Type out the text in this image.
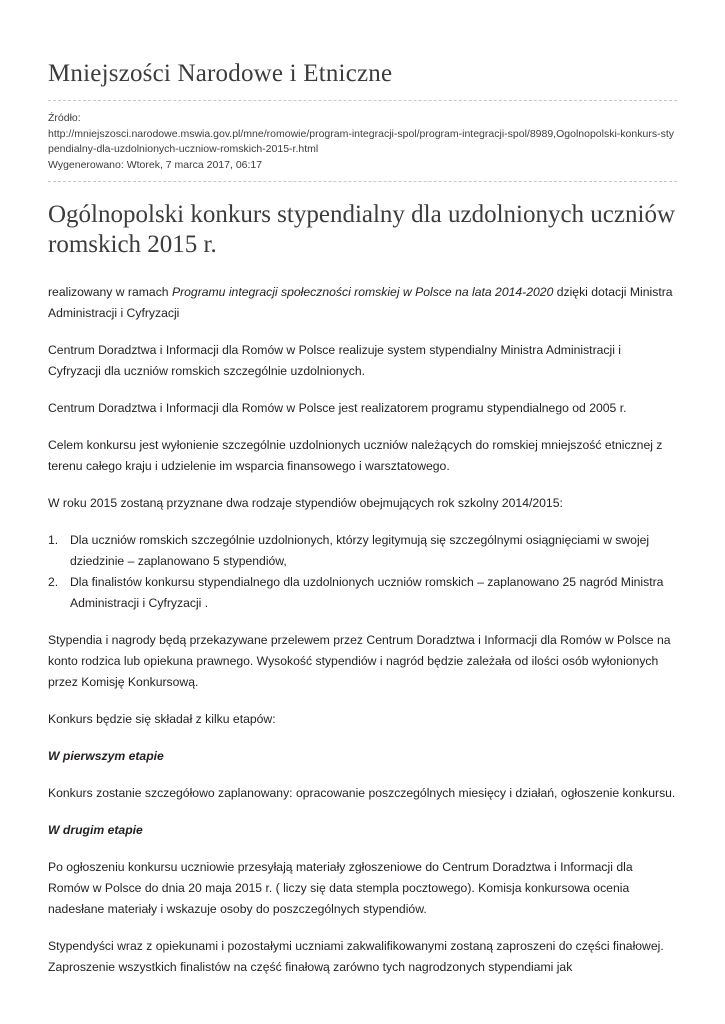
Mniejszości Narodowe i Etniczne
Źródło:
http://mniejszosci.narodowe.mswia.gov.pl/mne/romowie/program-integracji-spol/program-integracji-spol/8989,Ogolnopolski-konkurs-stypendialny-dla-uzdolnionych-uczniow-romskich-2015-r.html
Wygenerowano: Wtorek, 7 marca 2017, 06:17
Ogólnopolski konkurs stypendialny dla uzdolnionych uczniów romskich 2015 r.

realizowany w ramach Programu integracji społeczności romskiej w Polsce na lata 2014-2020 dzięki dotacji Ministra Administracji i Cyfryzacji

Centrum Doradztwa i Informacji dla Romów w Polsce realizuje system stypendialny Ministra Administracji i Cyfryzacji dla uczniów romskich szczególnie uzdolnionych.

Centrum Doradztwa i Informacji dla Romów w Polsce jest realizatorem programu stypendialnego od 2005 r.

Celem konkursu jest wyłonienie szczególnie uzdolnionych uczniów należących do romskiej mniejszość etnicznej z terenu całego kraju i udzielenie im wsparcia finansowego i warsztatowego.

W roku 2015 zostaną przyznane dwa rodzaje stypendiów obejmujących rok szkolny 2014/2015:

1. Dla uczniów romskich szczególnie uzdolnionych, którzy legitymują się szczególnymi osiągnięciami w swojej dziedzinie – zaplanowano 5 stypendiów,
2. Dla finalistów konkursu stypendialnego dla uzdolnionych uczniów romskich – zaplanowano 25 nagród Ministra Administracji i Cyfryzacji .

Stypendia i nagrody będą przekazywane przelewem przez Centrum Doradztwa i Informacji dla Romów w Polsce na konto rodzica lub opiekuna prawnego. Wysokość stypendiów i nagród będzie zależała od ilości osób wyłonionych przez Komisję Konkursową.

Konkurs będzie się składał z kilku etapów:

W pierwszym etapie

Konkurs zostanie szczegółowo zaplanowany: opracowanie poszczególnych miesięcy i działań, ogłoszenie konkursu.

W drugim etapie

Po ogłoszeniu konkursu uczniowie przesyłają materiały zgłoszeniowe do Centrum Doradztwa i Informacji dla Romów w Polsce do dnia 20 maja 2015 r. ( liczy się data stempla pocztowego). Komisja konkursowa ocenia nadesłane materiały i wskazuje osoby do poszczególnych stypendiów.

Stypendyści wraz z opiekunami i pozostałymi uczniami zakwalifikowanymi zostaną zaproszeni do części finałowej. Zaproszenie wszystkich finalistów na część finałową zarówno tych nagrodzonych stypendiami jak
